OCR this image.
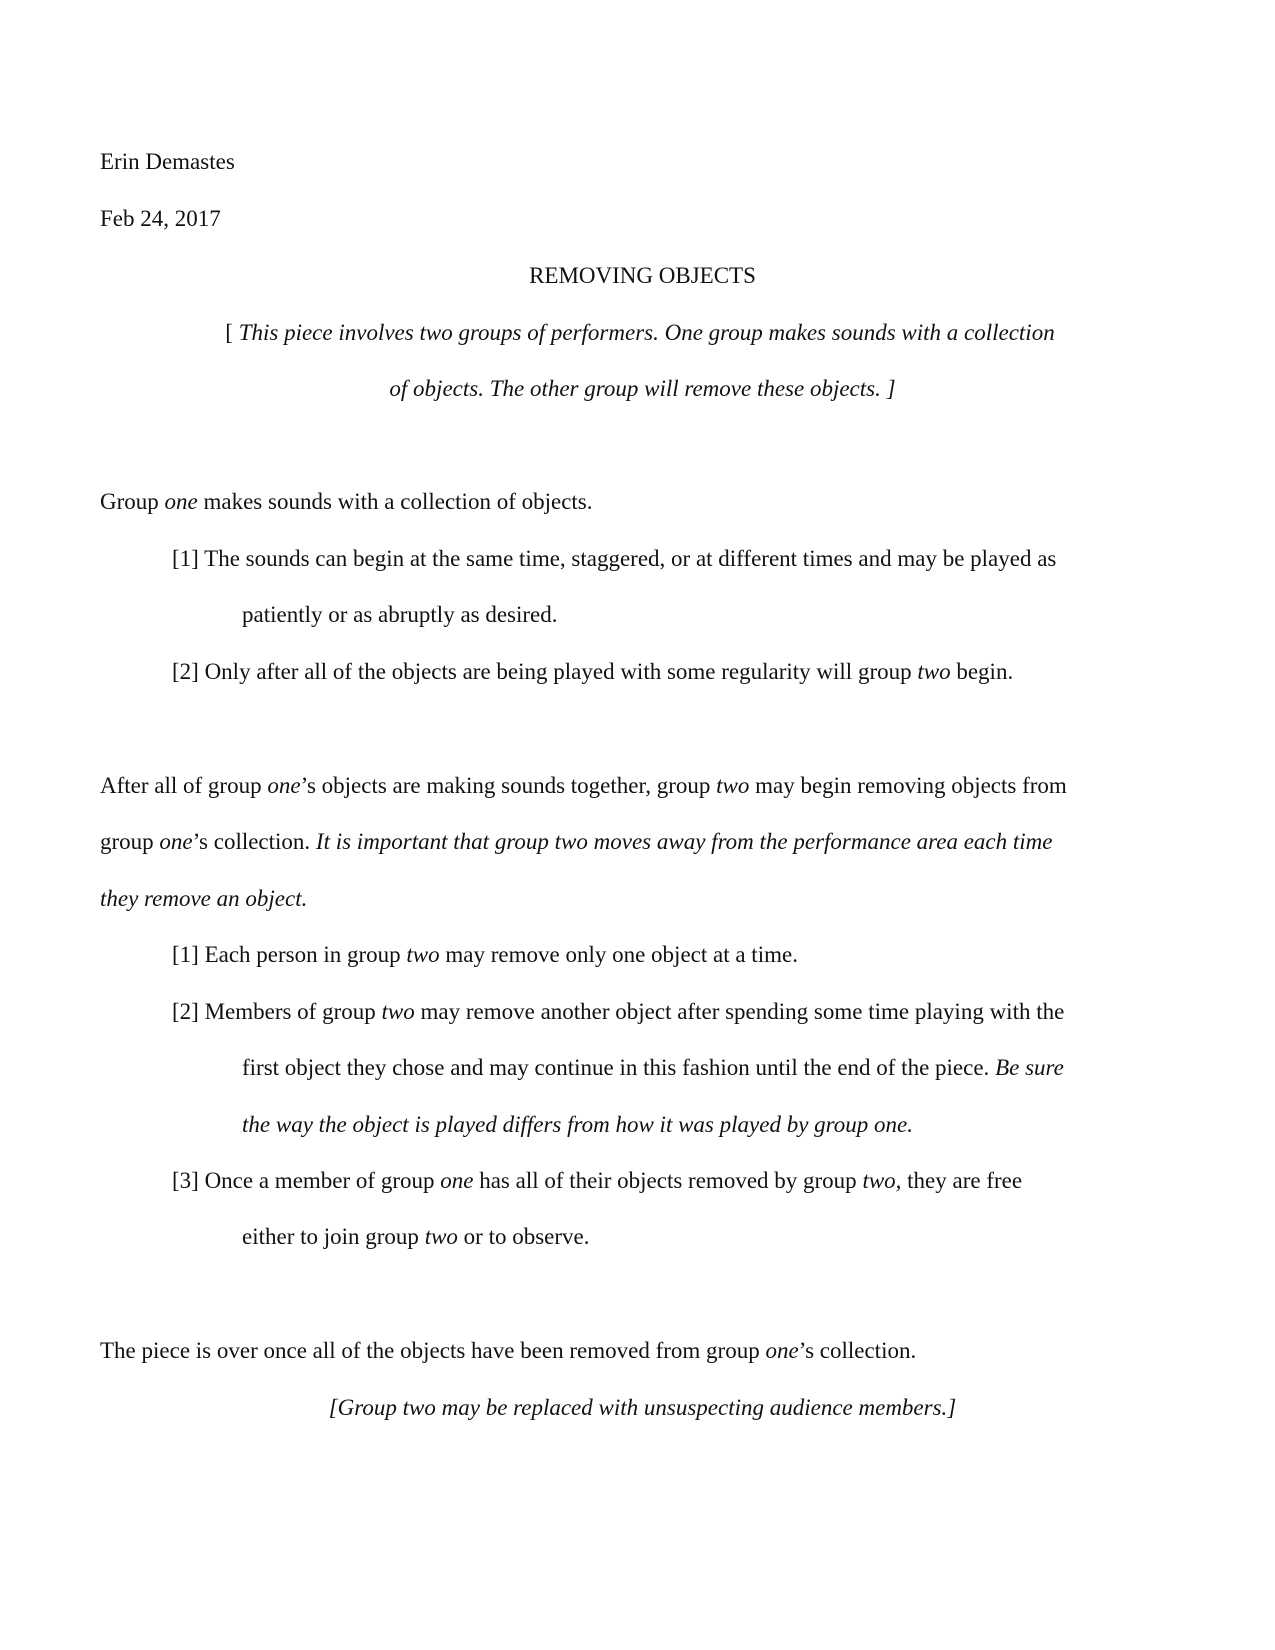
Erin Demastes

Feb 24, 2017

REMOVING OBJECTS

[ This piece involves two groups of performers. One group makes sounds with a collection

of objects. The other group will remove these objects. ]

Group one makes sounds with a collection of objects.

[1] The sounds can begin at the same time, staggered, or at different times and may be played as

patiently or as abruptly as desired.

[2] Only after all of the objects are being played with some regularity will group two begin.

After all of group one’s objects are making sounds together, group two may begin removing objects from

group one’s collection. It is important that group two moves away from the performance area each time

they remove an object.

[1] Each person in group two may remove only one object at a time.

[2] Members of group two may remove another object after spending some time playing with the

first object they chose and may continue in this fashion until the end of the piece. Be sure

the way the object is played differs from how it was played by group one.

[3] Once a member of group one has all of their objects removed by group two, they are free

either to join group two or to observe.

The piece is over once all of the objects have been removed from group one’s collection.

[Group two may be replaced with unsuspecting audience members.]
